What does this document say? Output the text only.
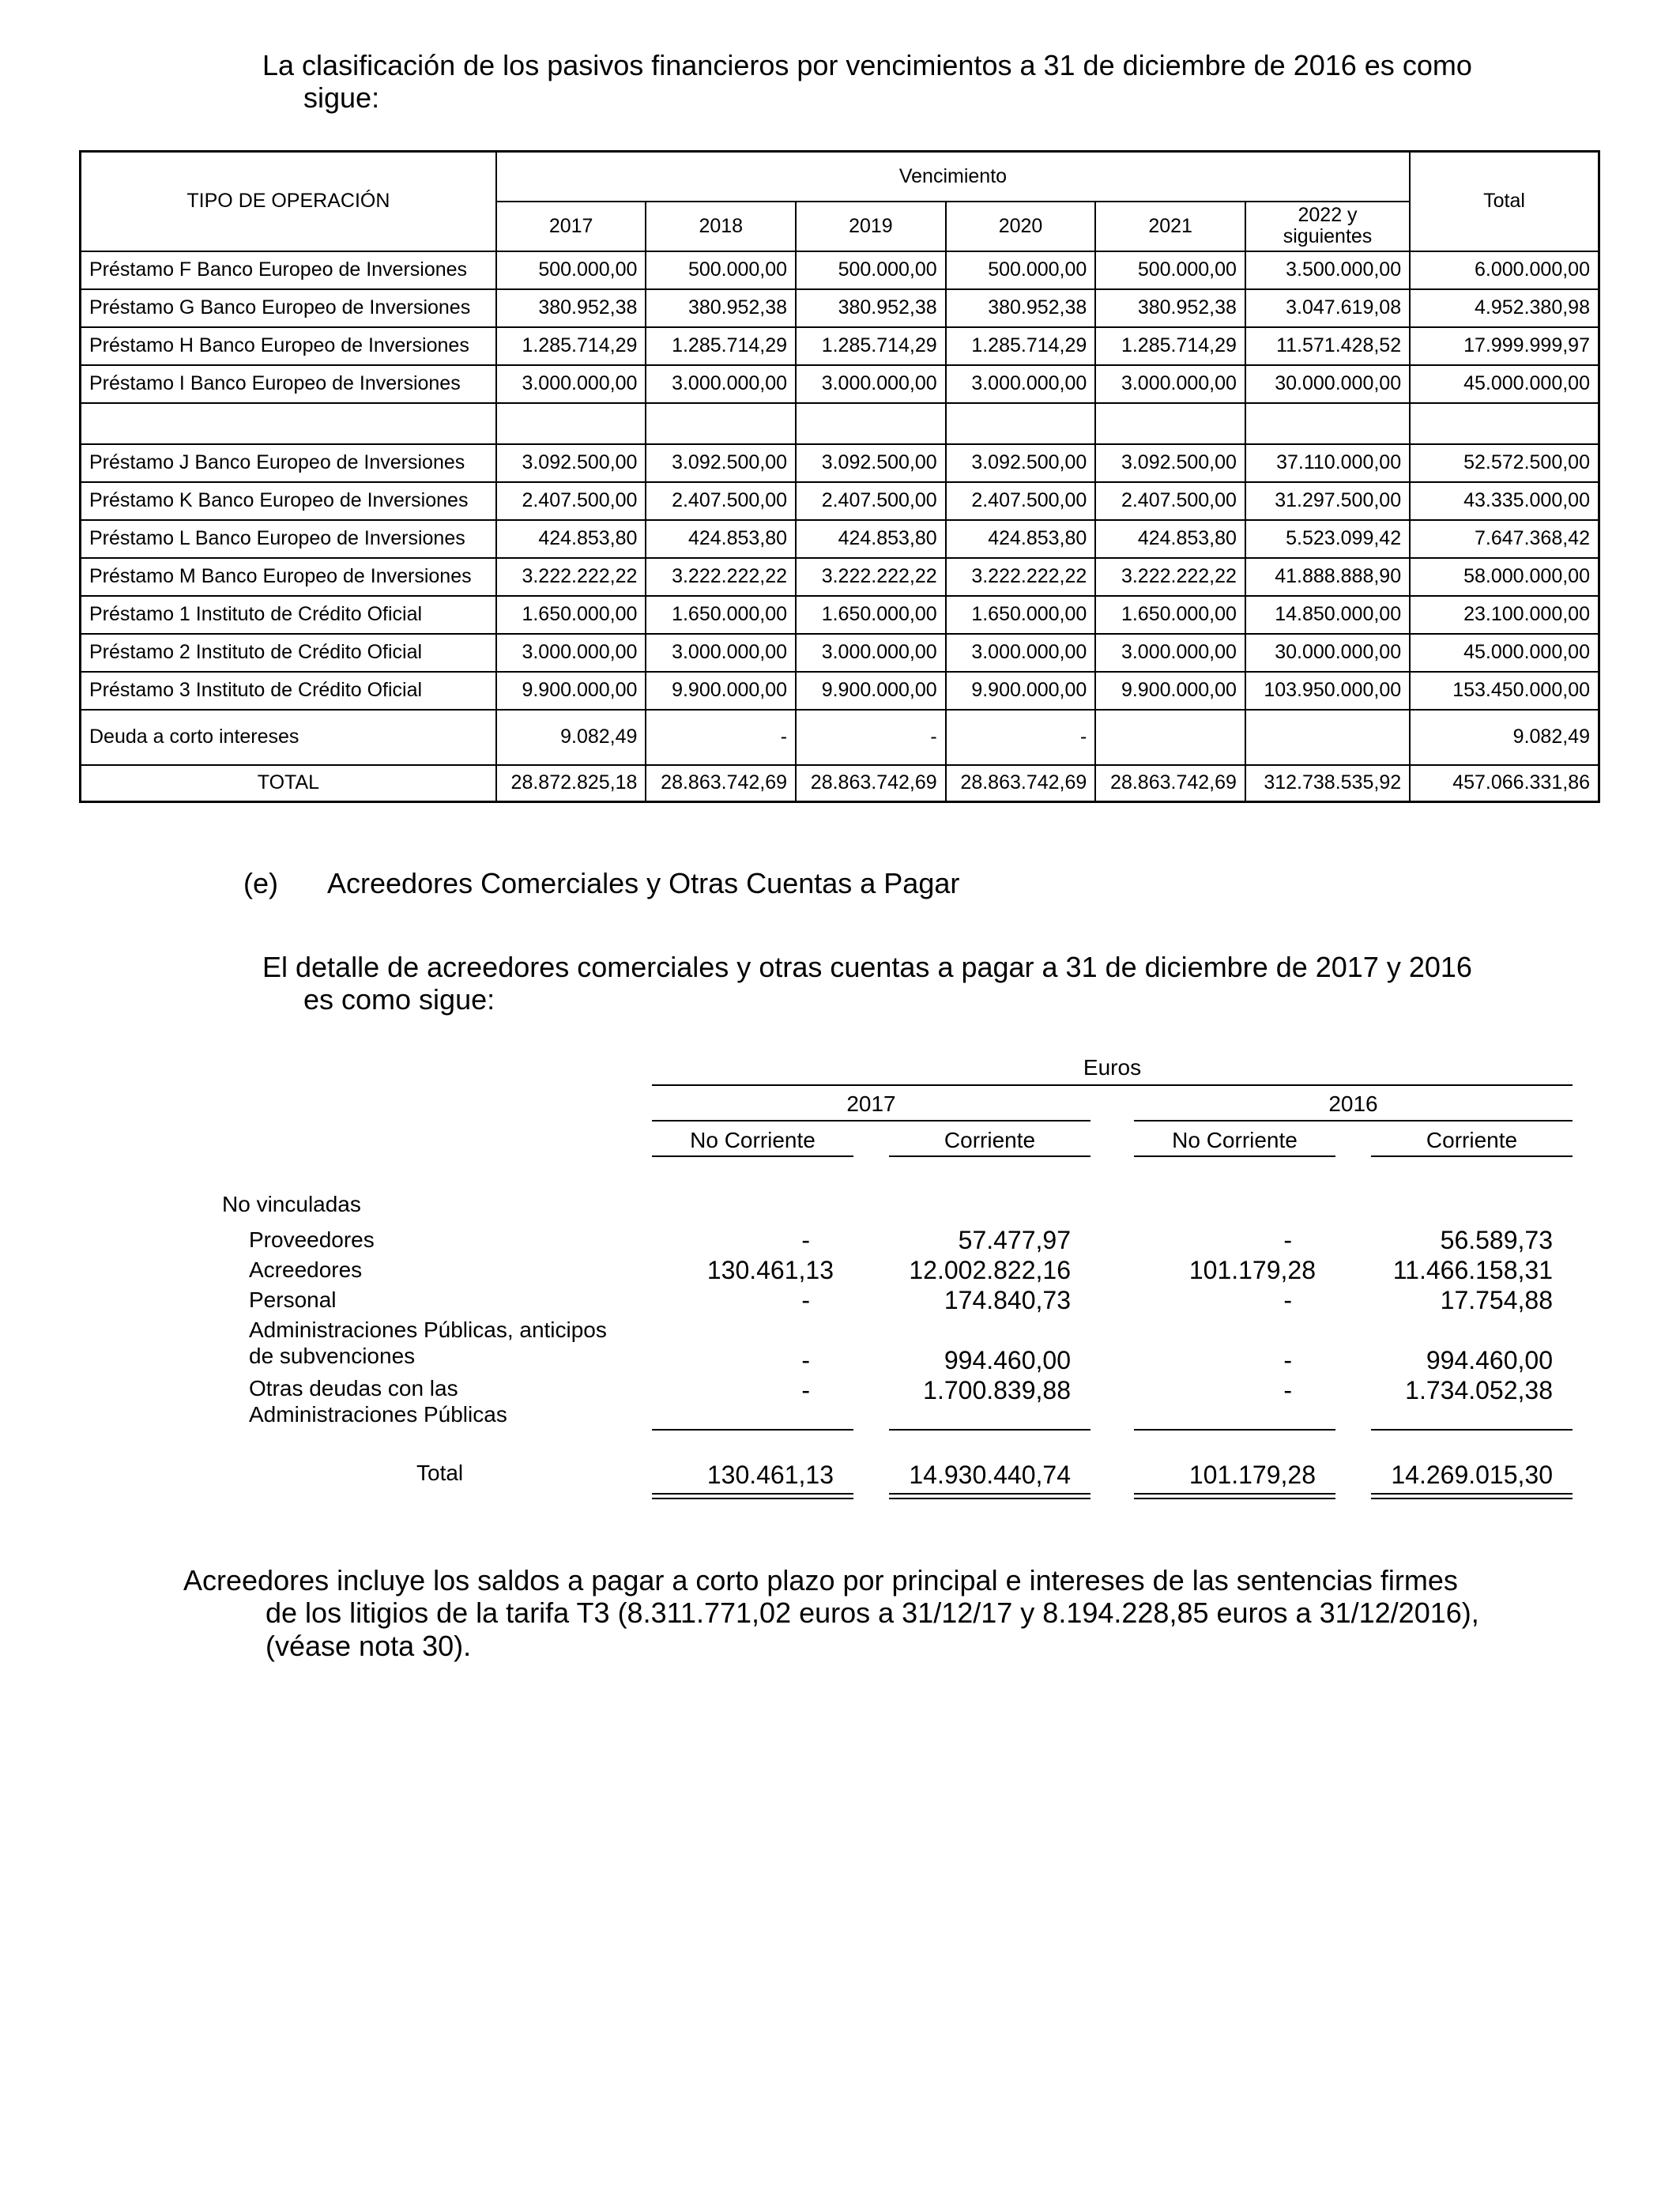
La clasificación de los pasivos financieros por vencimientos a 31 de diciembre de 2016 es como
sigue:
TIPO DE OPERACIÓN	Vencimiento						Total
	2017	2018	2019	2020	2021	2022 y
siguientes	

Préstamo F Banco Europeo de Inversiones	500.000,00	500.000,00	500.000,00	500.000,00	500.000,00	3.500.000,00	6.000.000,00
Préstamo G Banco Europeo de Inversiones	380.952,38	380.952,38	380.952,38	380.952,38	380.952,38	3.047.619,08	4.952.380,98
Préstamo H Banco Europeo de Inversiones	1.285.714,29	1.285.714,29	1.285.714,29	1.285.714,29	1.285.714,29	11.571.428,52	17.999.999,97
Préstamo I Banco Europeo de Inversiones	3.000.000,00	3.000.000,00	3.000.000,00	3.000.000,00	3.000.000,00	30.000.000,00	45.000.000,00

Préstamo J Banco Europeo de Inversiones	3.092.500,00	3.092.500,00	3.092.500,00	3.092.500,00	3.092.500,00	37.110.000,00	52.572.500,00
Préstamo K Banco Europeo de Inversiones	2.407.500,00	2.407.500,00	2.407.500,00	2.407.500,00	2.407.500,00	31.297.500,00	43.335.000,00
Préstamo L Banco Europeo de Inversiones	424.853,80	424.853,80	424.853,80	424.853,80	424.853,80	5.523.099,42	7.647.368,42
Préstamo M Banco Europeo de Inversiones	3.222.222,22	3.222.222,22	3.222.222,22	3.222.222,22	3.222.222,22	41.888.888,90	58.000.000,00
Préstamo 1 Instituto de Crédito Oficial	1.650.000,00	1.650.000,00	1.650.000,00	1.650.000,00	1.650.000,00	14.850.000,00	23.100.000,00
Préstamo 2 Instituto de Crédito Oficial	3.000.000,00	3.000.000,00	3.000.000,00	3.000.000,00	3.000.000,00	30.000.000,00	45.000.000,00
Préstamo 3 Instituto de Crédito Oficial	9.900.000,00	9.900.000,00	9.900.000,00	9.900.000,00	9.900.000,00	103.950.000,00	153.450.000,00
Deuda a corto intereses	9.082,49	-	-	-			9.082,49
TOTAL	28.872.825,18	28.863.742,69	28.863.742,69	28.863.742,69	28.863.742,69	312.738.535,92	457.066.331,86
(e) Acreedores Comerciales y Otras Cuentas a Pagar
El detalle de acreedores comerciales y otras cuentas a pagar a 31 de diciembre de 2017 y 2016
es como sigue:
Euros
2017	2016
No Corriente	Corriente	No Corriente	Corriente
No vinculadas
Proveedores	-	57.477,97	-	56.589,73
Acreedores	130.461,13	12.002.822,16	101.179,28	11.466.158,31
Personal	-	174.840,73	-	17.754,88
Administraciones Públicas, anticipos
de subvenciones	-	994.460,00	-	994.460,00
Otras deudas con las
Administraciones Públicas
-	1.700.839,88	-	1.734.052,38
Total	130.461,13	14.930.440,74	101.179,28	14.269.015,30
Acreedores incluye los saldos a pagar a corto plazo por principal e intereses de las sentencias firmes
de los litigios de la tarifa T3 (8.311.771,02 euros a 31/12/17 y 8.194.228,85 euros a 31/12/2016),
(véase nota 30).
